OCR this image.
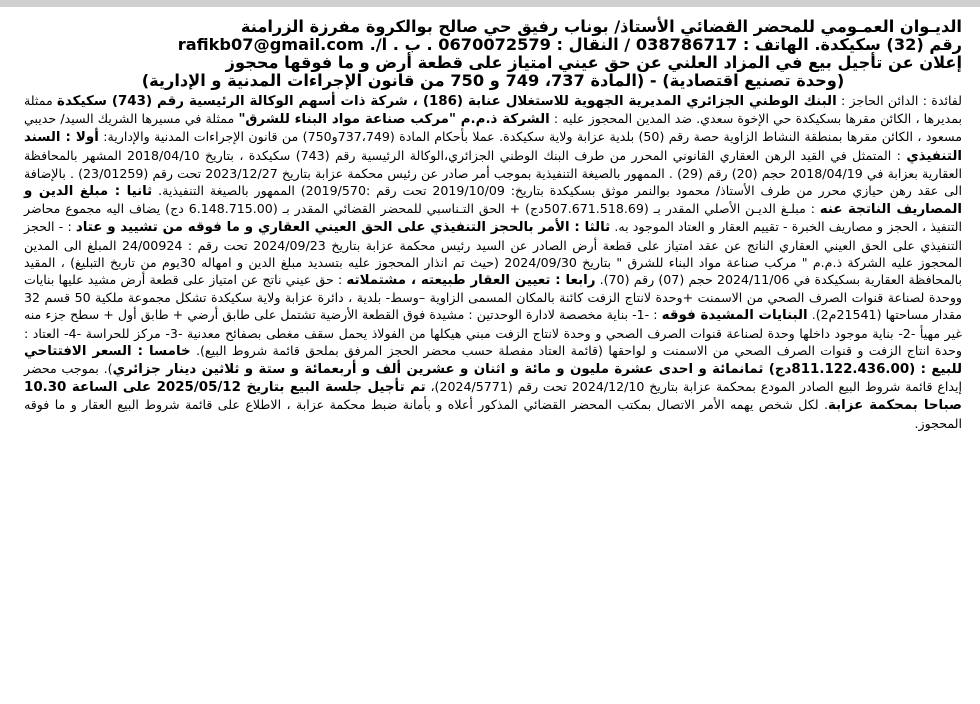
الديـوان العمـومي للمحضر القضائي الأستاذ/ بوناب رفيق حي صالح بوالكروة مفرزة الزرامنة
رقم (32) سكيكدة. الهاتف : 038786717 / النقال : 0670072579 . ب . ا/. rafikb07@gmail.com
إعلان عن تأجيل بيع في المزاد العلني عن حق عيني امتياز على قطعة أرض و ما فوقها محجوز
(وحدة تصنيع اقتصادية) - (المادة 737، 749 و 750 من قانون الإجراءات المدنية و الإدارية)
لفائدة : الدائن الحاجز : البنك الوطني الجزائري المديرية الجهوية للاستغلال عنابة (186) ، شركة ذات أسهم الوكالة الرئيسية رقم (743) سكيكدة ممثلة بمديرها ، الكائن مقرها بسكيكدة حي الإخوة سعدي. ضد المدين المحجوز عليه : الشركة ذ.م.م "مركب صناعة مواد البناء للشرق" ممثلة في مسيرها الشريك السيد/ حديبي مسعود ، الكائن مقرها بمنطقة النشاط الزاوية حصة رقم (50) بلدية عزابة ولاية سكيكدة. عملا بأحكام المادة (737،749و750) من قانون الإجراءات المدنية والإدارية: أولا : السند التنفيذي : المتمثل في القيد الرهن العقاري القانوني المحرر من طرف البنك الوطني الجزائري،الوكالة الرئيسية رقم (743) سكيكدة ، بتاريخ 2018/04/10 المشهر بالمحافظة العقارية بعزابة في 2018/04/19 حجم (20) رقم (29) . الممهور بالصيغة التنفيذية بموجب أمر صادر عن رئيس محكمة عزابة بتاريخ 2023/12/27 تحت رقم (23/01259) . بالإضافة الى عقد رهن حيازي محرر من طرف الأستاذ/ محمود بوالنمر موثق بسكيكدة بتاريخ: 2019/10/09 تحت رقم :2019/570) الممهور بالصيغة التنفيذية. ثانيا : مبلغ الدين و المصاريف الناتجة عنه : مبلـغ الديـن الأصلي المقدر بـ (507.671.518.69دج) + الحق التـناسبي للمحضر القضائي المقدر بـ (6.148.715.00 دج) يضاف اليه مجموع محاضر التنفيذ ، الحجز و مصاريف الخبرة - تقييم العقار و العتاد الموجود به. ثالثا : الأمر بالحجز التنفيذي على الحق العيني العقاري و ما فوقه من تشييد و عتاد : - الحجز التنفيذي على الحق العيني العقاري الناتج عن عقد امتياز على قطعة أرض الصادر عن السيد رئيس محكمة عزابة بتاريخ 2024/09/23 تحت رقم : 24/00924 المبلغ الى المدين المحجوز عليه الشركة ذ.م.م " مركب صناعة مواد البناء للشرق " بتاريخ 2024/09/30 (حيث تم انذار المحجوز عليه بتسديد مبلغ الدين و امهاله 30يوم من تاريخ التبليغ) ، المقيد بالمحافظة العقارية بسكيكدة في 2024/11/06 حجم (07) رقم (70). رابعا : تعيين العقار طبيعته ، مشتملاته : حق عيني ناتج عن امتياز على قطعة أرض مشيد عليها بنايات ووحدة لصناعة قنوات الصرف الصحي من الاسمنت +وحدة لانتاج الزفت كائنة بالمكان المسمى الزاوية –وسط- بلدية ، دائرة عزابة ولاية سكيكدة تشكل مجموعة ملكية 50 قسم 32 مقدار مساحتها (21541م2). البنايات المشيدة فوقه : -1- بناية مخصصة لادارة الوحدتين : مشيدة فوق القطعة الأرضية تشتمل على طابق أرضي + طابق أول + سطح جزء منه غير مهيأ -2- بناية موجود داخلها وحدة لصناعة قنوات الصرف الصحي و وحدة لانتاج الزفت مبني هيكلها من الفولاذ يحمل سقف مغطى بصفائح معدنية -3- مركز للحراسة -4- العتاد : وحدة انتاج الزفت و قنوات الصرف الصحي من الاسمنت و لواحقها (قائمة العتاد مفصلة حسب محضر الحجز المرفق بملحق قائمة شروط البيع). خامسا : السعر الافتتاحي للبيع : (811.122.436.00دج) ثمانمائة و احدى عشرة مليون و مائة و اثنان و عشرين ألف و أربعمائة و ستة و ثلاثين دينار جزائري). بموجب محضر إيداع قائمة شروط البيع الصادر المودع بمحكمة عزابة بتاريخ 2024/12/10 تحت رقم (2024/5771)، تم تأجيل جلسة البيع بتاريخ 2025/05/12 على الساعة 10.30 صباحا بمحكمة عزابة. لكل شخص يهمه الأمر الاتصال بمكتب المحضر القضائي المذكور أعلاه و بأمانة ضبط محكمة عزابة ، الاطلاع على قائمة شروط البيع العقار و ما فوقه المحجوز.
